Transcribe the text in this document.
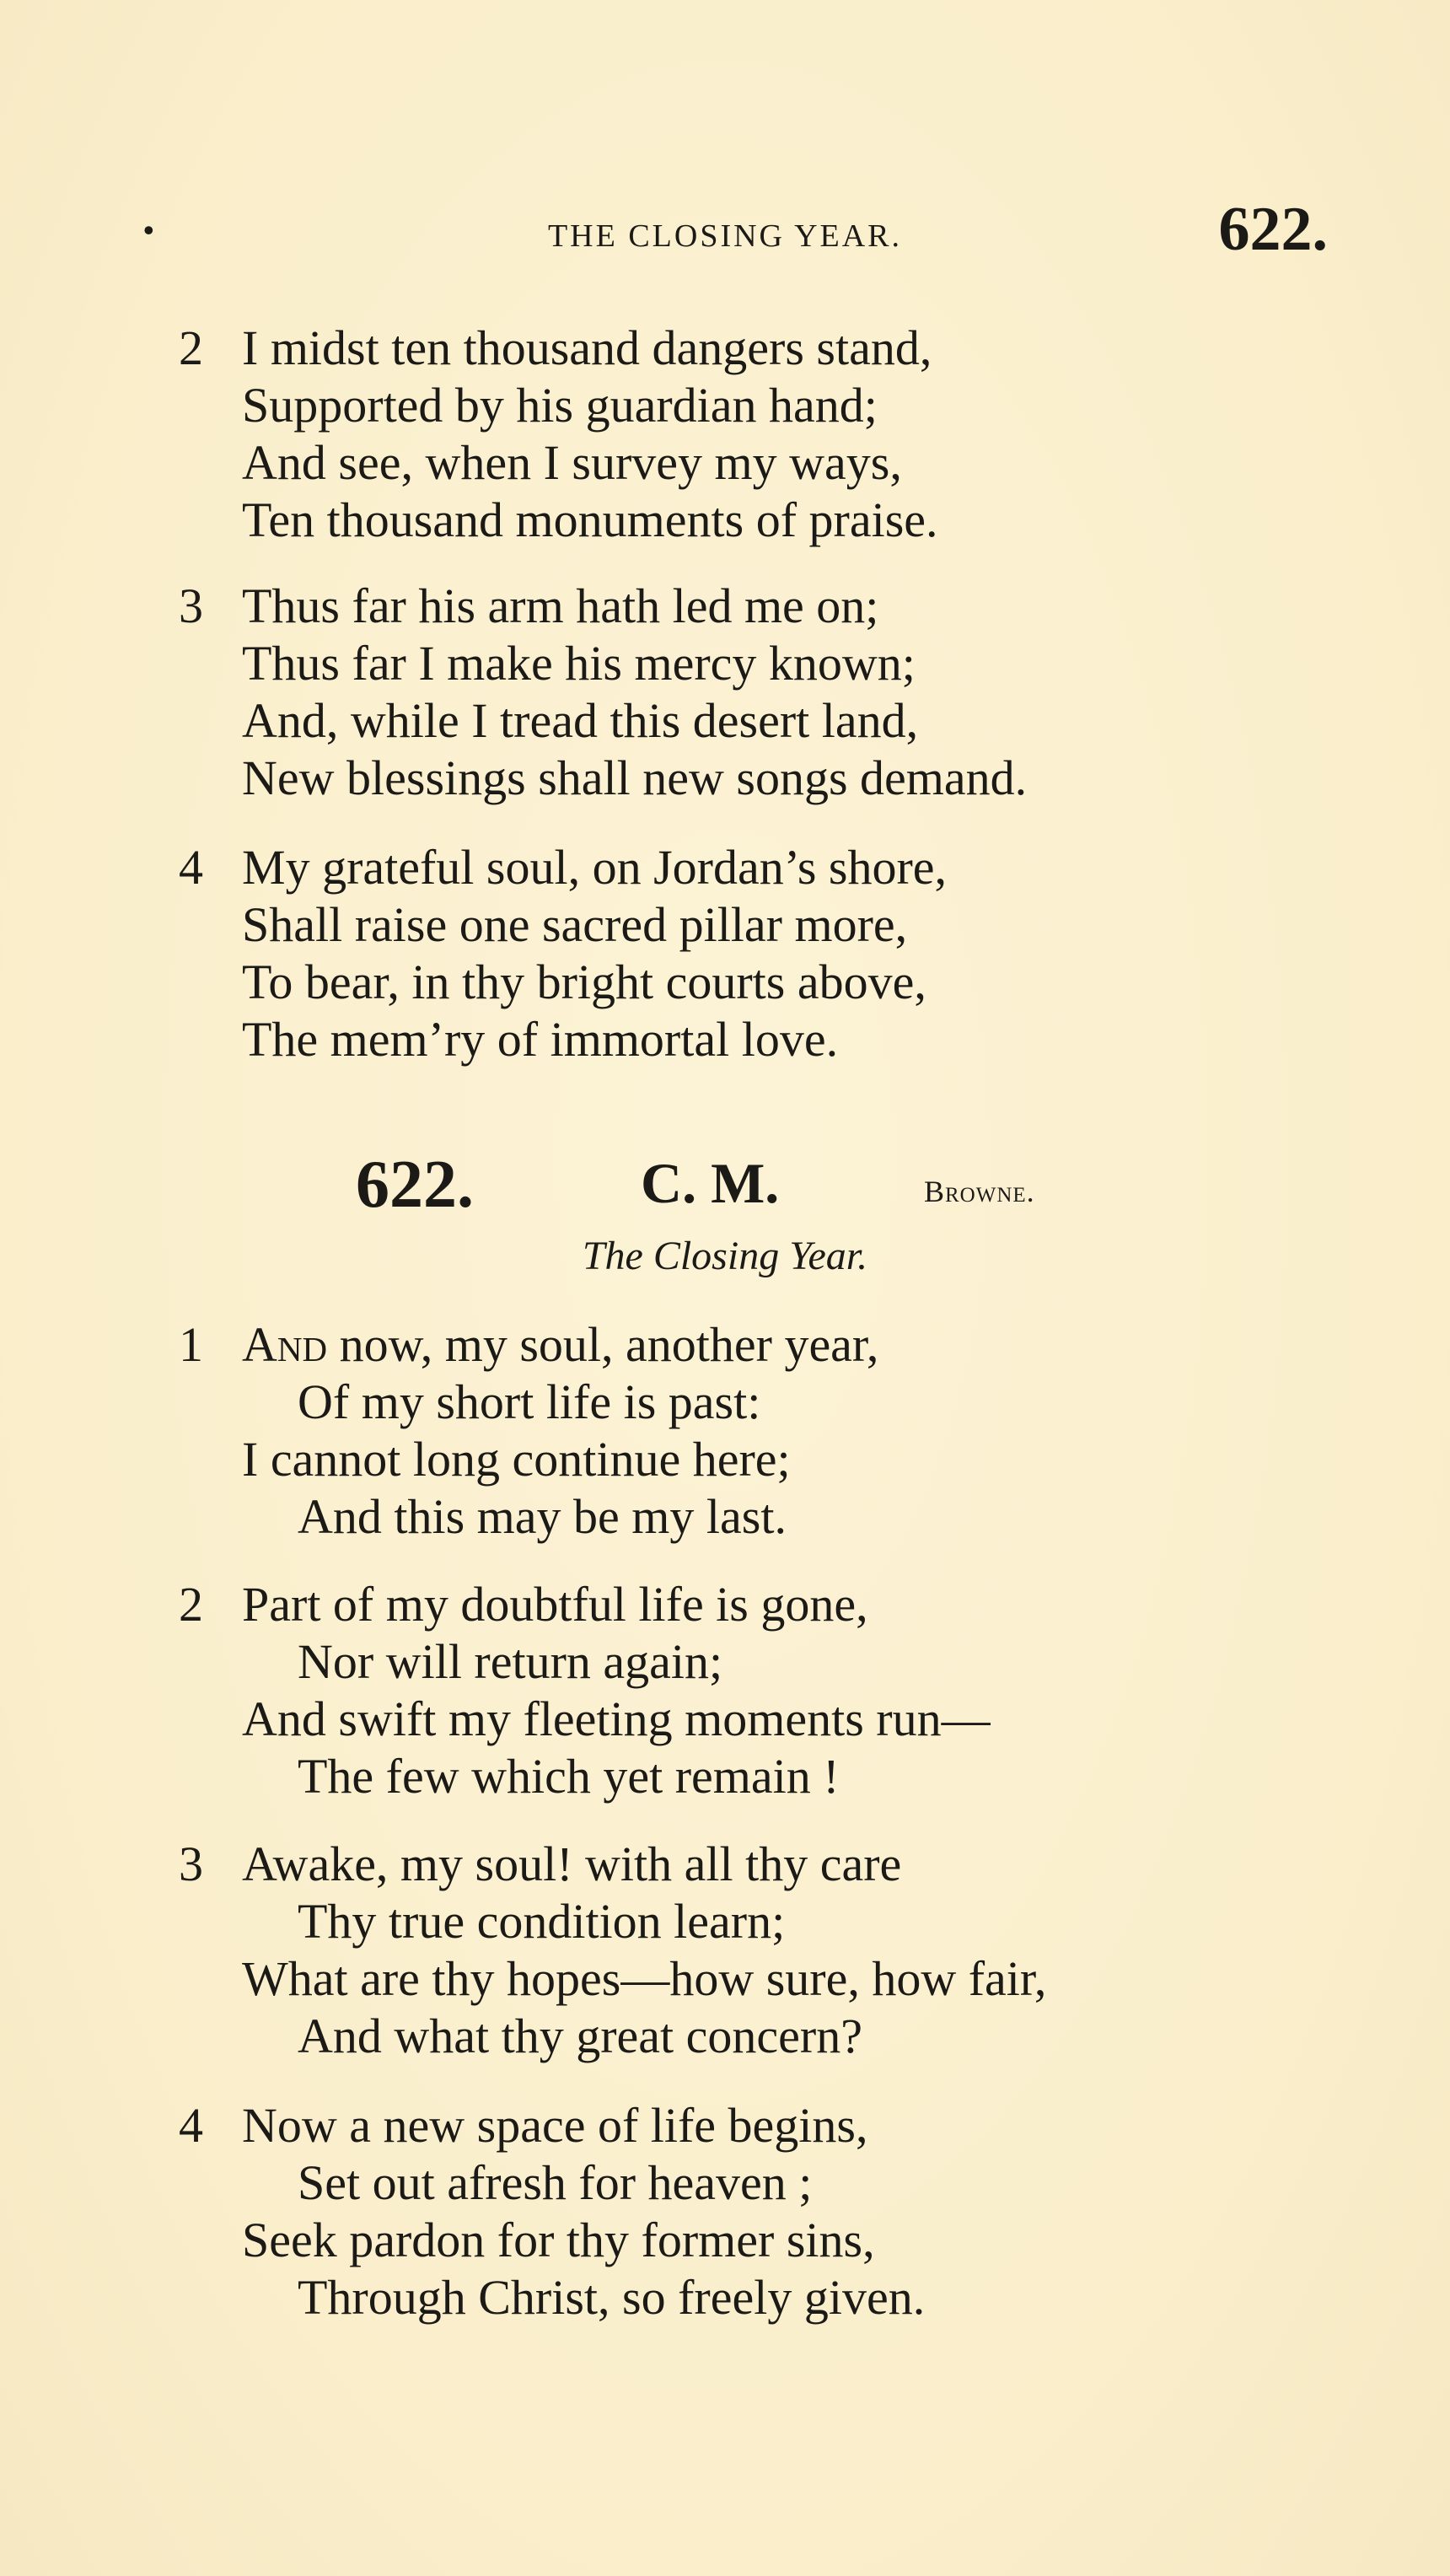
•	THE CLOSING YEAR.	622.
2 I midst ten thousand dangers stand,
Supported by his guardian hand;
And see, when I survey my ways,
Ten thousand monuments of praise.
3 Thus far his arm hath led me on;
Thus far I make his mercy known;
And, while I tread this desert land,
New blessings shall new songs demand.
4 My grateful soul, on Jordan’s shore,
Shall raise one sacred pillar more,
To bear, in thy bright courts above,
The mem’ry of immortal love.
622.	C. M.	Browne.
The Closing Year.
1 And now, my soul, another year,
Of my short life is past:
I cannot long continue here;
And this may be my last.
2 Part of my doubtful life is gone,
Nor will return again;
And swift my fleeting moments run—
The few which yet remain !
3 Awake, my soul! with all thy care
Thy true condition learn;
What are thy hopes—how sure, how fair,
And what thy great concern?
4 Now a new space of life begins,
Set out afresh for heaven ;
Seek pardon for thy former sins,
Through Christ, so freely given.
